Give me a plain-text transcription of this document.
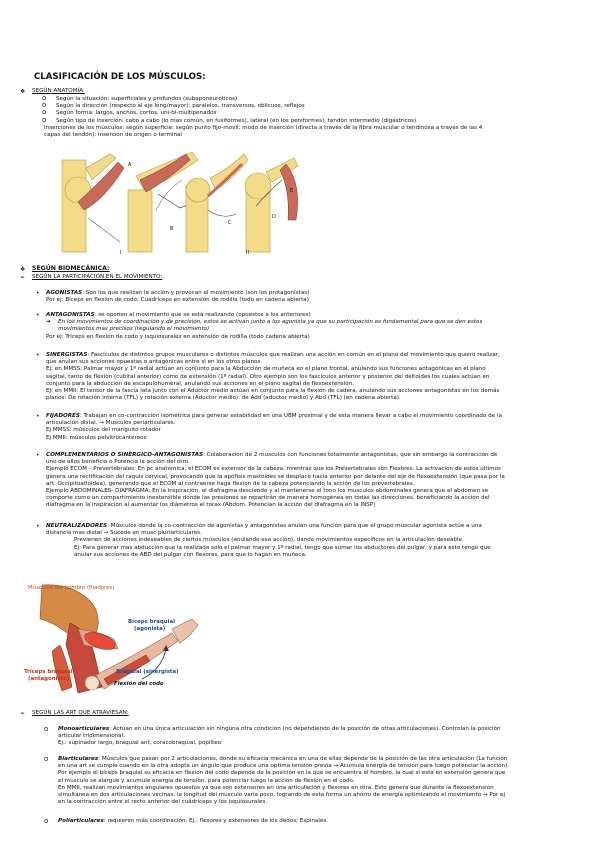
CLASIFICACIÓN DE LOS MÚSCULOS:
❖ SEGÚN ANATOMÍA:

o Según la situación: superficiales y profundos (subaponeuróticos)

o Según la dirección (respecto al eje long/mayor): paralelos, transversos, oblicuos, reflejos

o Según forma: largos, anchos, cortos, uni-bi-multipenados

o Según tipo de inserción: cabo a cabo (lo mas común, en fusiformes), lateral (en los peniformes), tendón intermedio (digástricos)

Inserciones de los músculos: según superficie: según punto fijo-movil; modo de inserción (directa a través de la fibra muscular o tendinosa a través de las 4

capas del tendón): inserción de origen o terminal

A
B
C
D
E
I	II
❖ SEGÚN BIOMECÁNICA:
➢ SEGÚN LA PARTICIPACIÓN EN EL MOVIMIENTO:
• AGONISTAS: Son los que realizan la acción y provocan el movimiento (son los protagonistas)

Por ej: Bíceps en flexion de codo; Cuadríceps en extensión de rodilla (todo en cadena abierta)

• ANTAGONISTAS: se oponen al movimiento que se está realizando (opuestos a los anteriores)

➔ En los movimientos de coordinación y de precisión, estos se activan junto a los agonista ya que su participación es fundamental para que se den estos

movimientos mas precisos (regulando el movimiento)

Por ej: Tríceps en flexion de codo y isquiosurales en extensión de rodilla (todo cadena abierta)

• SINERGISTAS: Fascículos de distintos grupos musculares o distintos músculos que realizan una acción en común en el plano del movimiento que quiero realizar,

que anulan sus acciones opuestas o antagónicas entre si en los otros planos.

Ej: en MMSS: Palmar mayor y 1º radial actúan en conjunto para la Abducción de muñeca en el plano frontal, anulando sus funciones antagónicas en el plano

sagital, tanto de flexion (cubital anterior) como de extensión (1º radial). Otro ejemplo son los fascículos anterior y posterior del deltoides los cuales actúan en

conjunto para la abducción de escapulohumeral, anulando sus acciones en el plano sagital de flexoextensión.

Ej: en MMII: El tensor de la fascia lata junto con el Aductor medio actúan en conjunto para la flexion de cadera, anulando sus acciones antagonistas en los demás

planos: De rotación interna (TFL) y rotación externa (Aductor medio): de Add (aductor medio) y Abd (TFL) (en cadena abierta).

• FIJADORES: Trabajan en co-contracción isométrica para generar estabilidad en una UBM proximal y de esta manera llevar a cabo el movimiento coordinado de la

articulación distal. → Musculos periarticulares.

Ej MMSS: músculos del manguito rotador

Ej MMII: músculos pelvitrocantéreos

• COMPLEMENTARIOS O SINÉRGICO-ANTAGONISTAS: Colaboración de 2 musculos con funciones totalmente antagonistas, que sin embargo la contracción de

uno de ellos beneficia o Potencia la acción del otro.

Ejemplo ECOM – Prevertebrales: En pc anatómica, el ECOM es extensor de la cabeza, mientras que los Prevertebrales son Flexores. La activación de estos últimos

genera una rectificación del raquis cervical, provocando que la apófisis mastoides se desplace hacia anterior por delante del eje de flexoextensión (que pasa por la

art. Occipitoatloidea), generando que el ECOM al contraerse haga flexion de la cabeza potenciando la acción de los prevertebrales.

Ejemplo ABDOMINALES- DIAFRAGMA: En la inspiración, el diafragma desciende y al mantenerse el tono los musculos abdominales genera que el abdomen se

comporte como un compartimiento inextensible donde las presiones se repartirán de manera homogénea en todas las direcciones, beneficiando la acción del

diafragma en la inspiración al aumentar los diámetros el torax (Abdom. Potencian la acción del diafragma en la INSP)

• NEUTRALIZADORES: Músculos donde la co-contracción de agonistas y antagonistas anulan una función para que el grupo muscular agonista actúe a una

distancia mas distal → Sucede en musc pluriarticulares.

Previenen de acciones indeseables de ciertos músculos (anulando esa acción), dando movimientos específicos en la articulación deseable.

Ej: Para generar mas abducción que la realizada solo el palmar mayor y 1º radial, tengo que sumar los abductores del pulgar, y para esto tengo que

anular sus acciones de ABD del pulgar con flexores, para que lo hagan en muñeca.

Músculos del hombro (fijadores)
Bíceps braquial
(agonista)
Braquial (sinergista)
Tríceps braquial
(antagonista)
Flexión del codo
➢ SEGÚN LAS ART QUE ATRAVIESAN:
o Monoarticulares: Actúan en una única articulación sin ninguna otra condición (no dependiendo de la posición de otras articulaciones). Controlan la posición

articular tridimensional.

Ej.: supinador largo, braquial ant, coracobraquial, poplíteo

o Biarticulares: Músculos que pasan por 2 articulaciones, donde su eficacia mecánica en una de ellas depende de la posición de las otra articulación (La función

en una art se cumple cuando en la otra adopta un ángulo que produce una optima tensión previa → Acumula energía de tensión para luego potenciar la acción).

Por ejemplo el bíceps braquial su eficacia en flexion del codo depende de la posición en la que se encuentra el hombro, la cual si esta en extensión genera que

el musculo se alargue y acumule energía de tensión, para potenciar luego la acción de flexion en el codo.

En MMII, realizan movimientos angulares opuestos ya que son extensores en una articulación y flexores en otra. Esto genera que durante la flexoextensión

simultanea en dos articulaciones vecinas, la longitud del musculo varía poco, logrando de esta forma un ahorro de energía optimizando el movimiento → Por ej

en la contracción entre el recto anterior del cuádriceps y los isquiosurales.

o Poliarticulares: requieren más coordinación. Ej.: flexores y extensores de los dedos; Espinales.
